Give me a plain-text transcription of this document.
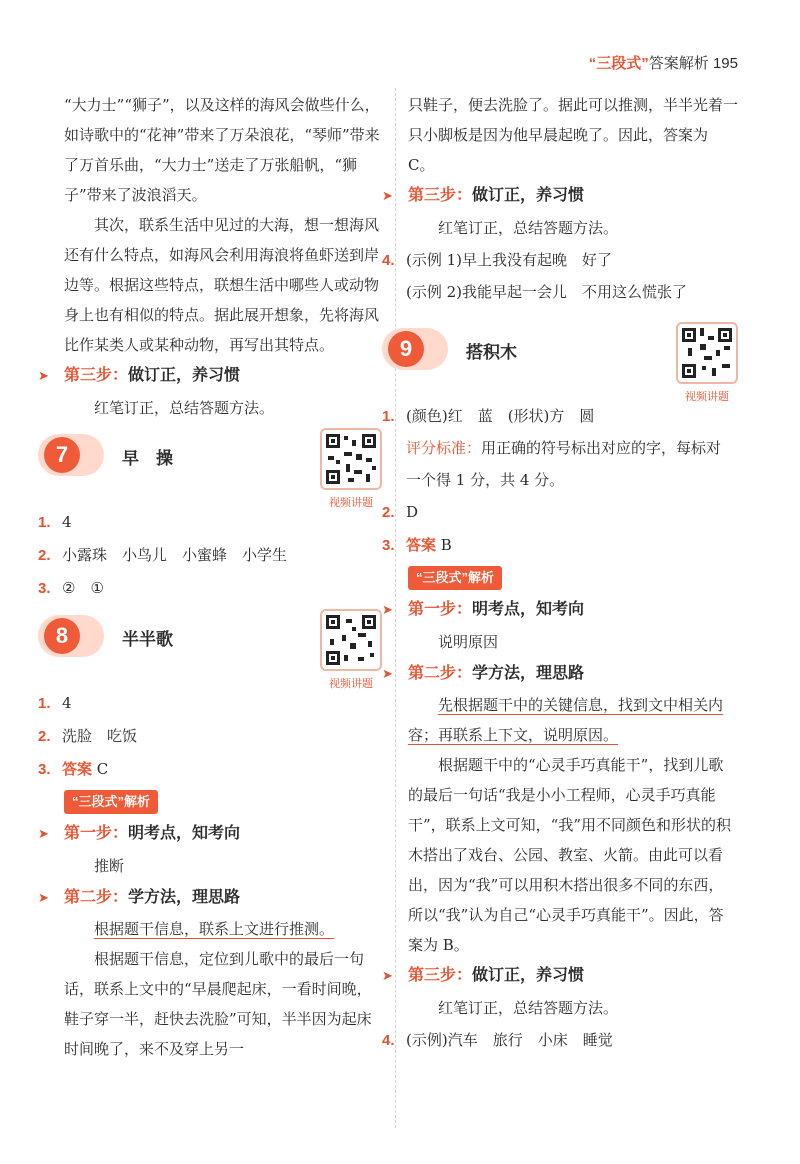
“三段式”答案解析 195

“大力士”“狮子”，以及这样的海风会做些什么，如诗歌中的“花神”带来了万朵浪花，“琴师”带来了万首乐曲，“大力士”送走了万张船帆，“狮子”带来了波浪滔天。

其次，联系生活中见过的大海，想一想海风还有什么特点，如海风会利用海浪将鱼虾送到岸边等。根据这些特点，联想生活中哪些人或动物身上也有相似的特点。据此展开想象，先将海风比作某类人或某种动物，再写出其特点。

➤ 第三步：做订正，养习惯
红笔订正，总结答题方法。
7	早　操
视频讲题
1. 4
2. 小露珠　小鸟儿　小蜜蜂　小学生
3. ②　①
8	半半歌
视频讲题
1. 4
2. 洗脸　吃饭
3. 答案 C
“三段式”解析
➤ 第一步：明考点，知考向
推断
➤ 第二步：学方法，理思路
根据题干信息，联系上文进行推测。

根据题干信息，定位到儿歌中的最后一句话，联系上文中的“早晨爬起床，一看时间晚，鞋子穿一半，赶快去洗脸”可知，半半因为起床时间晚了，来不及穿上另一

只鞋子，便去洗脸了。据此可以推测，半半光着一只小脚板是因为他早晨起晚了。因此，答案为 C。

➤ 第三步：做订正，养习惯
红笔订正，总结答题方法。
4. (示例 1)早上我没有起晚　好了
(示例 2)我能早起一会儿　不用这么慌张了
9	搭积木
视频讲题
1. (颜色)红　蓝　(形状)方　圆
评分标准：用正确的符号标出对应的字，每标对一个得 1 分，共 4 分。
2. D
3. 答案 B
“三段式”解析
➤ 第一步：明考点，知考向
说明原因
➤ 第二步：学方法，理思路
先根据题干中的关键信息，找到文中相关内容；再联系上下文，说明原因。

根据题干中的“心灵手巧真能干”，找到儿歌的最后一句话“我是小小工程师，心灵手巧真能干”，联系上文可知，“我”用不同颜色和形状的积木搭出了戏台、公园、教室、火箭。由此可以看出，因为“我”可以用积木搭出很多不同的东西，所以“我”认为自己“心灵手巧真能干”。因此，答案为 B。

➤ 第三步：做订正，养习惯
红笔订正，总结答题方法。
4. (示例)汽车　旅行　小床　睡觉
